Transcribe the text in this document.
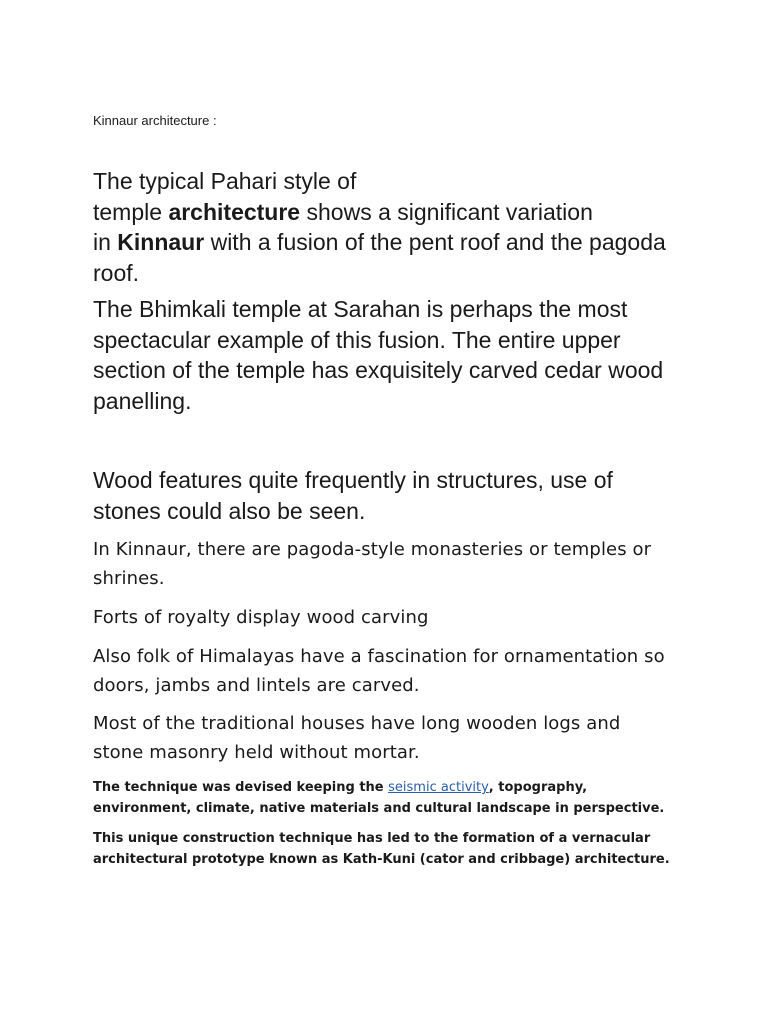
Kinnaur architecture :

The typical Pahari style of
temple architecture shows a significant variation
in Kinnaur with a fusion of the pent roof and the pagoda roof.

The Bhimkali temple at Sarahan is perhaps the most spectacular example of this fusion. The entire upper section of the temple has exquisitely carved cedar wood panelling.

Wood features quite frequently in structures, use of stones could also be seen.

In Kinnaur, there are pagoda-style monasteries or temples or shrines.

Forts of royalty display wood carving

Also folk of Himalayas have a fascination for ornamentation so doors, jambs and lintels are carved.

Most of the traditional houses have long wooden logs and stone masonry held without mortar.

The technique was devised keeping the seismic activity, topography, environment, climate, native materials and cultural landscape in perspective.

This unique construction technique has led to the formation of a vernacular architectural prototype known as Kath-Kuni (cator and cribbage) architecture.
